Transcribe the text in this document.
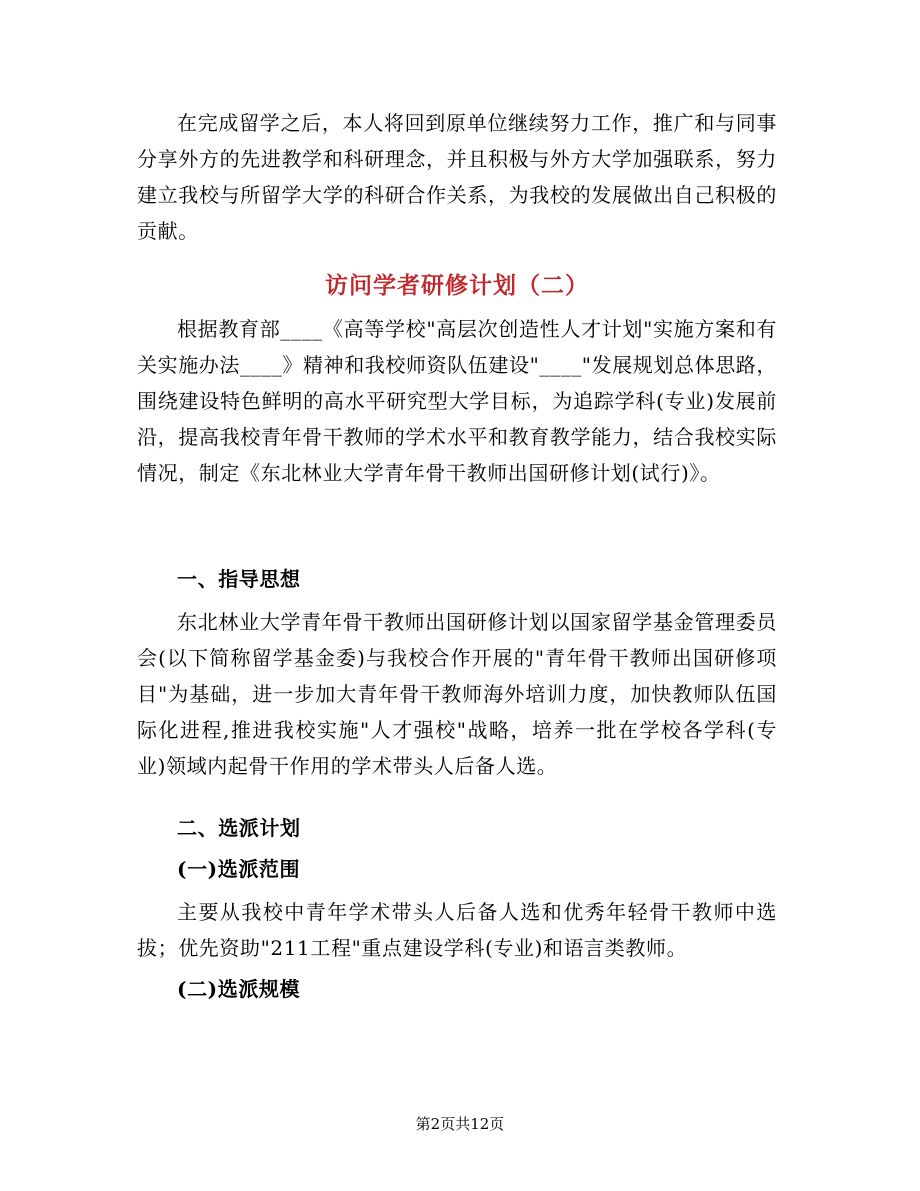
在完成留学之后，本人将回到原单位继续努力工作，推广和与同事分享外方的先进教学和科研理念，并且积极与外方大学加强联系，努力建立我校与所留学大学的科研合作关系，为我校的发展做出自己积极的贡献。

访问学者研修计划（二）

根据教育部____《高等学校"高层次创造性人才计划"实施方案和有关实施办法____》精神和我校师资队伍建设"____"发展规划总体思路，围绕建设特色鲜明的高水平研究型大学目标，为追踪学科(专业)发展前沿，提高我校青年骨干教师的学术水平和教育教学能力，结合我校实际情况，制定《东北林业大学青年骨干教师出国研修计划(试行)》。

一、指导思想

东北林业大学青年骨干教师出国研修计划以国家留学基金管理委员会(以下简称留学基金委)与我校合作开展的"青年骨干教师出国研修项目"为基础，进一步加大青年骨干教师海外培训力度，加快教师队伍国际化进程,推进我校实施"人才强校"战略，培养一批在学校各学科(专业)领域内起骨干作用的学术带头人后备人选。

二、选派计划
(一)选派范围

主要从我校中青年学术带头人后备人选和优秀年轻骨干教师中选拔；优先资助"211工程"重点建设学科(专业)和语言类教师。

(二)选派规模
第2页共12页
